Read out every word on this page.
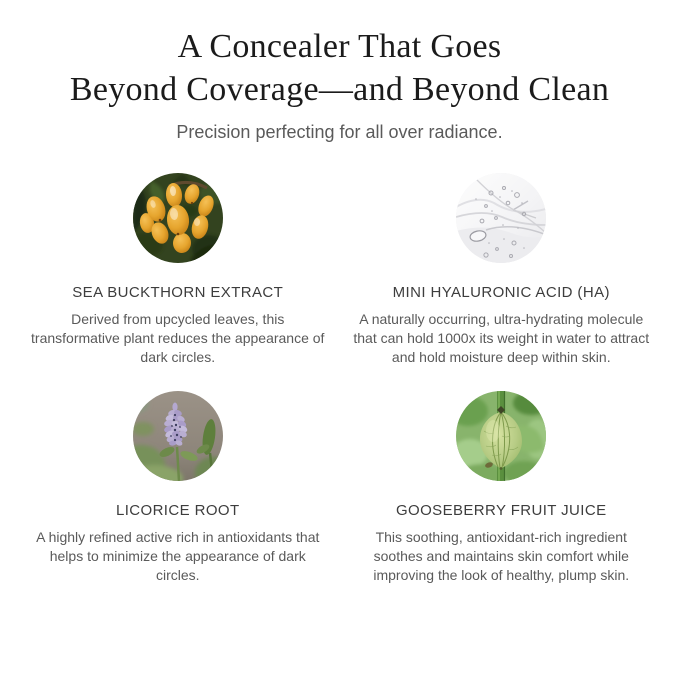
A Concealer That Goes
Beyond Coverage—and Beyond Clean

Precision perfecting for all over radiance.

SEA BUCKTHORN EXTRACT

Derived from upcycled leaves, this transformative plant reduces the appearance of dark circles.

MINI HYALURONIC ACID (HA)

A naturally occurring, ultra-hydrating molecule that can hold 1000x its weight in water to attract and hold moisture deep within skin.

LICORICE ROOT

A highly refined active rich in antioxidants that helps to minimize the appearance of dark circles.

GOOSEBERRY FRUIT JUICE

This soothing, antioxidant-rich ingredient soothes and maintains skin comfort while improving the look of healthy, plump skin.
